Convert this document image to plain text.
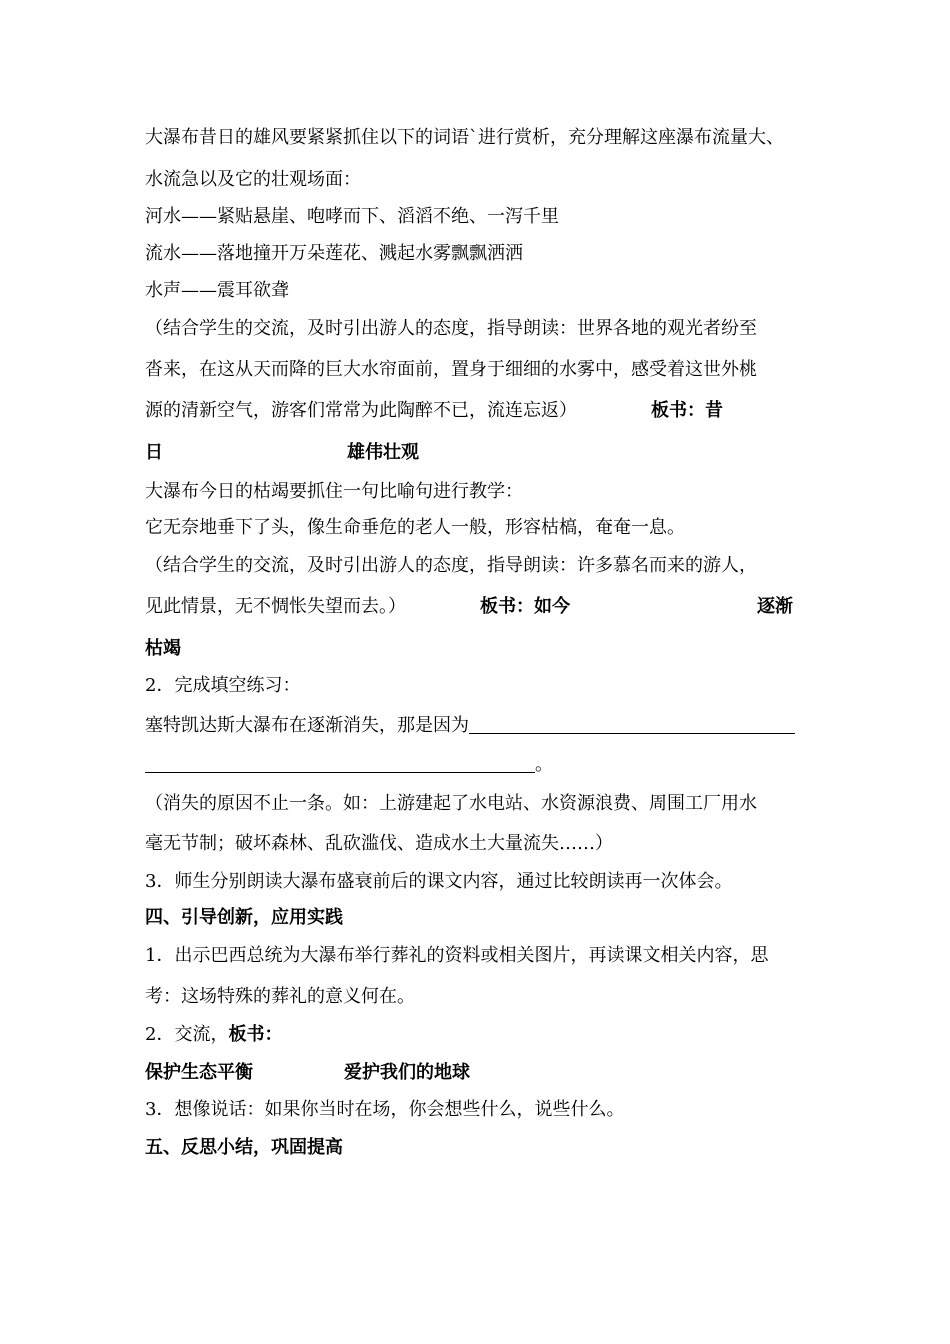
大瀑布昔日的雄风要紧紧抓住以下的词语`进行赏析，充分理解这座瀑布流量大、
水流急以及它的壮观场面：
河水——紧贴悬崖、咆哮而下、滔滔不绝、一泻千里
流水——落地撞开万朵莲花、溅起水雾飘飘洒洒
水声——震耳欲聋
（结合学生的交流，及时引出游人的态度，指导朗读：世界各地的观光者纷至
沓来，在这从天而降的巨大水帘面前，置身于细细的水雾中，感受着这世外桃
源的清新空气，游客们常常为此陶醉不已，流连忘返）	板书：昔
日	雄伟壮观
大瀑布今日的枯竭要抓住一句比喻句进行教学：
它无奈地垂下了头，像生命垂危的老人一般，形容枯槁，奄奄一息。
（结合学生的交流，及时引出游人的态度，指导朗读：许多慕名而来的游人，
见此情景，无不惆怅失望而去。）	板书：如今	逐渐
枯竭
2．完成填空练习：
塞特凯达斯大瀑布在逐渐消失，那是因为
。
（消失的原因不止一条。如：上游建起了水电站、水资源浪费、周围工厂用水
毫无节制；破坏森林、乱砍滥伐、造成水土大量流失……）
3．师生分别朗读大瀑布盛衰前后的课文内容，通过比较朗读再一次体会。
四、引导创新，应用实践
1．出示巴西总统为大瀑布举行葬礼的资料或相关图片，再读课文相关内容，思
考：这场特殊的葬礼的意义何在。
2．交流，板书：
保护生态平衡	爱护我们的地球
3．想像说话：如果你当时在场，你会想些什么，说些什么。
五、反思小结，巩固提高
